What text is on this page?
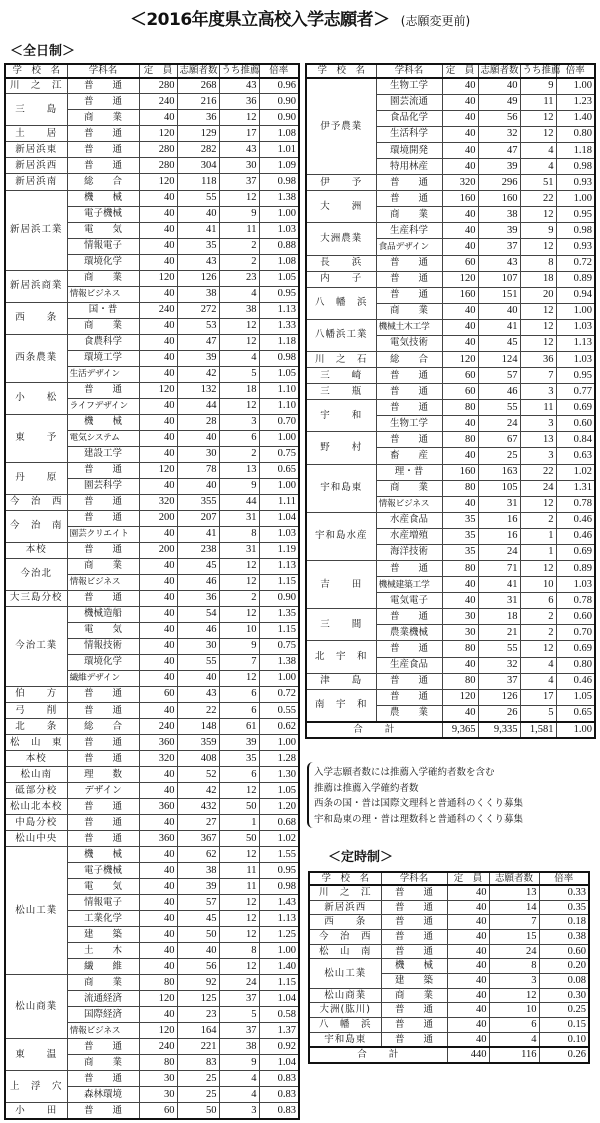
＜2016年度県立高校入学志願者＞ (志願変更前)
＜全日制＞
学　校　名	学科名	定　員	志願者数	うち推薦	倍率
川　之　江	普　　通	280	268	43	0.96
三　　島	普　　通	240	216	36	0.90
	商　　業	40	36	12	0.90
土　　居	普　　通	120	129	17	1.08
新居浜東	普　　通	280	282	43	1.01
新居浜西	普　　通	280	304	30	1.09
新居浜南	総　　合	120	118	37	0.98
新居浜工業	機　　械	40	55	12	1.38
	電子機械	40	40	9	1.00
	電　　気	40	41	11	1.03
	情報電子	40	35	2	0.88
	環境化学	40	43	2	1.08
新居浜商業	商　　業	120	126	23	1.05
	情報ビジネス	40	38	4	0.95
西　　条	国・普	240	272	38	1.13
	商　　業	40	53	12	1.33
西条農業	食農科学	40	47	12	1.18
	環境工学	40	39	4	0.98
	生活デザイン	40	42	5	1.05
小　　松	普　　通	120	132	18	1.10
	ライフデザイン	40	44	12	1.10
東　　予	機　　械	40	28	3	0.70
	電気システム	40	40	6	1.00
	建設工学	40	30	2	0.75
丹　　原	普　　通	120	78	13	0.65
	園芸科学	40	40	9	1.00
今　治　西	普　　通	320	355	44	1.11
今　治　南	普　　通	200	207	31	1.04
	園芸クリエイト	40	41	8	1.03
本校	普　　通	200	238	31	1.19
今治北	商　　業	40	45	12	1.13
	情報ビジネス	40	46	12	1.15
大三島分校	普　　通	40	36	2	0.90
今治工業	機械造船	40	54	12	1.35
	電　　気	40	46	10	1.15
	情報技術	40	30	9	0.75
	環境化学	40	55	7	1.38
	繊維デザイン	40	40	12	1.00
伯　　方	普　　通	60	43	6	0.72
弓　　削	普　　通	40	22	6	0.55
北　　条	総　　合	240	148	61	0.62
松　山　東	普　　通	360	359	39	1.00
本校	普　　通	320	408	35	1.28
松山南	理　　数	40	52	6	1.30
砥部分校	デザイン	40	42	12	1.05
松山北本校	普　　通	360	432	50	1.20
中島分校	普　　通	40	27	1	0.68
松山中央	普　　通	360	367	50	1.02
松山工業	機　　械	40	62	12	1.55
	電子機械	40	38	11	0.95
	電　　気	40	39	11	0.98
	情報電子	40	57	12	1.43
	工業化学	40	45	12	1.13
	建　　築	40	50	12	1.25
	土　　木	40	40	8	1.00
	繊　　維	40	56	12	1.40
松山商業	商　　業	80	92	24	1.15
	流通経済	120	125	37	1.04
	国際経済	40	23	5	0.58
	情報ビジネス	120	164	37	1.37
東　　温	普　　通	240	221	38	0.92
	商　　業	80	83	9	1.04
上　浮　穴	普　　通	30	25	4	0.83
	森林環境	30	25	4	0.83
小　　田	普　　通	60	50	3	0.83
学　校　名	学科名	定　員	志願者数	うち推薦	倍率
伊予農業	生物工学	40	40	9	1.00
	園芸流通	40	49	11	1.23
	食品化学	40	56	12	1.40
	生活科学	40	32	12	0.80
	環境開発	40	47	4	1.18
	特用林産	40	39	4	0.98
伊　　予	普　　通	320	296	51	0.93
大　　洲	普　　通	160	160	22	1.00
	商　　業	40	38	12	0.95
大洲農業	生産科学	40	39	9	0.98
	食品デザイン	40	37	12	0.93
長　　浜	普　　通	60	43	8	0.72
内　　子	普　　通	120	107	18	0.89
八　幡　浜	普　　通	160	151	20	0.94
	商　　業	40	40	12	1.00
八幡浜工業	機械土木工学	40	41	12	1.03
	電気技術	40	45	12	1.13
川　之　石	総　　合	120	124	36	1.03
三　　崎	普　　通	60	57	7	0.95
三　　瓶	普　　通	60	46	3	0.77
宇　　和	普　　通	80	55	11	0.69
	生物工学	40	24	3	0.60
野　　村	普　　通	80	67	13	0.84
	畜　　産	40	25	3	0.63
宇和島東	理・普	160	163	22	1.02
	商　　業	80	105	24	1.31
	情報ビジネス	40	31	12	0.78
宇和島水産	水産食品	35	16	2	0.46
	水産増殖	35	16	1	0.46
	海洋技術	35	24	1	0.69
吉　　田	普　　通	80	71	12	0.89
	機械建築工学	40	41	10	1.03
	電気電子	40	31	6	0.78
三　　間	普　　通	30	18	2	0.60
	農業機械	30	21	2	0.70
北　宇　和	普　　通	80	55	12	0.69
	生産食品	40	32	4	0.80
津　　島	普　　通	80	37	4	0.46
南　宇　和	普　　通	120	126	17	1.05
	農　　業	40	26	5	0.65
合　　計		9,365	9,335	1,581	1.00
入学志願者数には推薦入学確約者数を含む
推薦は推薦入学確約者数
西条の国・普は国際文理科と普通科のくくり募集
宇和島東の理・普は理数科と普通科のくくり募集
＜定時制＞
学　校　名	学科名	定　員	志願者数	倍率
川　之　江	普　　通	40	13	0.33
新居浜西	普　　通	40	14	0.35
西　　条	普　　通	40	7	0.18
今　治　西	普　　通	40	15	0.38
松　山　南	普　　通	40	24	0.60
松山工業	機　　械	40	8	0.20
	建　　築	40	3	0.08
松山商業	商　　業	40	12	0.30
大洲(肱川)	普　　通	40	10	0.25
八　幡　浜	普　　通	40	6	0.15
宇和島東	普　　通	40	4	0.10
合　　計		440	116	0.26
